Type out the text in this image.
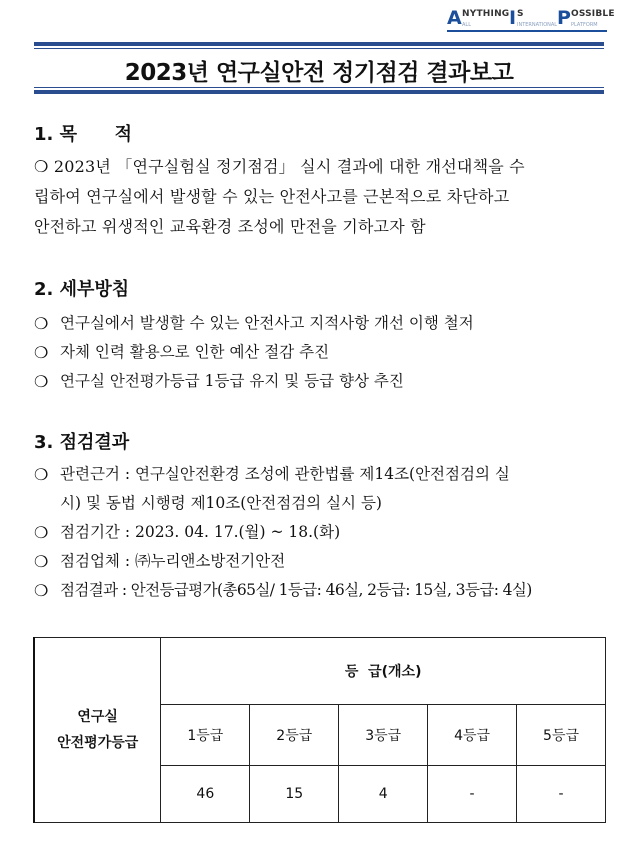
A NYTHING
ALL I S
INTERNATIONAL P OSSIBLE
PLATFORM
2023년 연구실안전 정기점검 결과보고
1. 목      적
❍ 2023년 「연구실험실 정기점검」 실시 결과에 대한 개선대책을 수
립하여 연구실에서 발생할 수 있는 안전사고를 근본적으로 차단하고
안전하고 위생적인 교육환경 조성에 만전을 기하고자 함
2. 세부방침
❍ 연구실에서 발생할 수 있는 안전사고 지적사항 개선 이행 철저
❍ 자체 인력 활용으로 인한 예산 절감 추진
❍ 연구실 안전평가등급 1등급 유지 및 등급 향상 추진
3. 점검결과
❍ 관련근거 : 연구실안전환경 조성에 관한법률 제14조(안전점검의 실
시) 및 동법 시행령 제10조(안전점검의 실시 등)
❍ 점검기간 : 2023. 04. 17.(월) ~ 18.(화)
❍ 점검업체 : ㈜누리앤소방전기안전
❍ 점검결과 : 안전등급평가(총65실/ 1등급: 46실, 2등급: 15실, 3등급: 4실)
연구실
안전평가등급	등  급(개소)				
	1등급	2등급	3등급	4등급	5등급
	46	15	4	-	-
